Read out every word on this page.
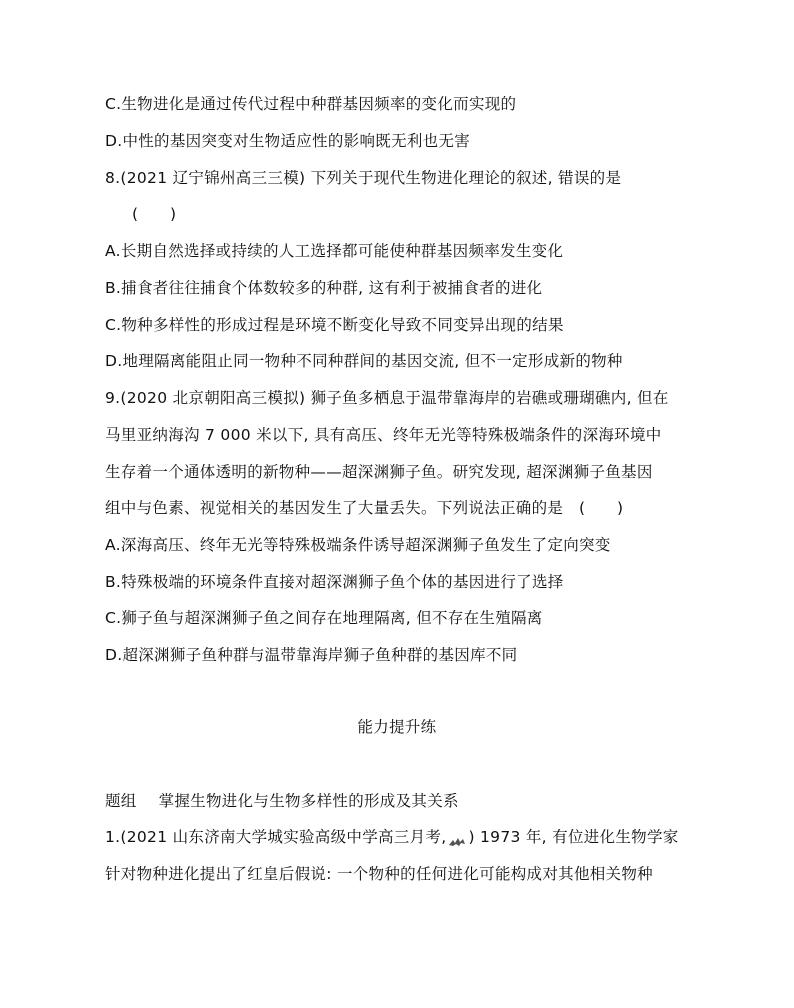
C.生物进化是通过传代过程中种群基因频率的变化而实现的
D.中性的基因突变对生物适应性的影响既无利也无害
8.(2021 辽宁锦州高三三模) 下列关于现代生物进化理论的叙述, 错误的是
(　　)
A.长期自然选择或持续的人工选择都可能使种群基因频率发生变化
B.捕食者往往捕食个体数较多的种群, 这有利于被捕食者的进化
C.物种多样性的形成过程是环境不断变化导致不同变异出现的结果
D.地理隔离能阻止同一物种不同种群间的基因交流, 但不一定形成新的物种
9.(2020 北京朝阳高三模拟) 狮子鱼多栖息于温带靠海岸的岩礁或珊瑚礁内, 但在
马里亚纳海沟 7 000 米以下, 具有高压、终年无光等特殊极端条件的深海环境中
生存着一个通体透明的新物种——超深渊狮子鱼。研究发现, 超深渊狮子鱼基因
组中与色素、视觉相关的基因发生了大量丢失。下列说法正确的是　(　　)
A.深海高压、终年无光等特殊极端条件诱导超深渊狮子鱼发生了定向突变
B.特殊极端的环境条件直接对超深渊狮子鱼个体的基因进行了选择
C.狮子鱼与超深渊狮子鱼之间存在地理隔离, 但不存在生殖隔离
D.超深渊狮子鱼种群与温带靠海岸狮子鱼种群的基因库不同
能力提升练
题组 掌握生物进化与生物多样性的形成及其关系
1.(2021 山东济南大学城实验高级中学高三月考, ) 1973 年, 有位进化生物学家
针对物种进化提出了红皇后假说: 一个物种的任何进化可能构成对其他相关物种
